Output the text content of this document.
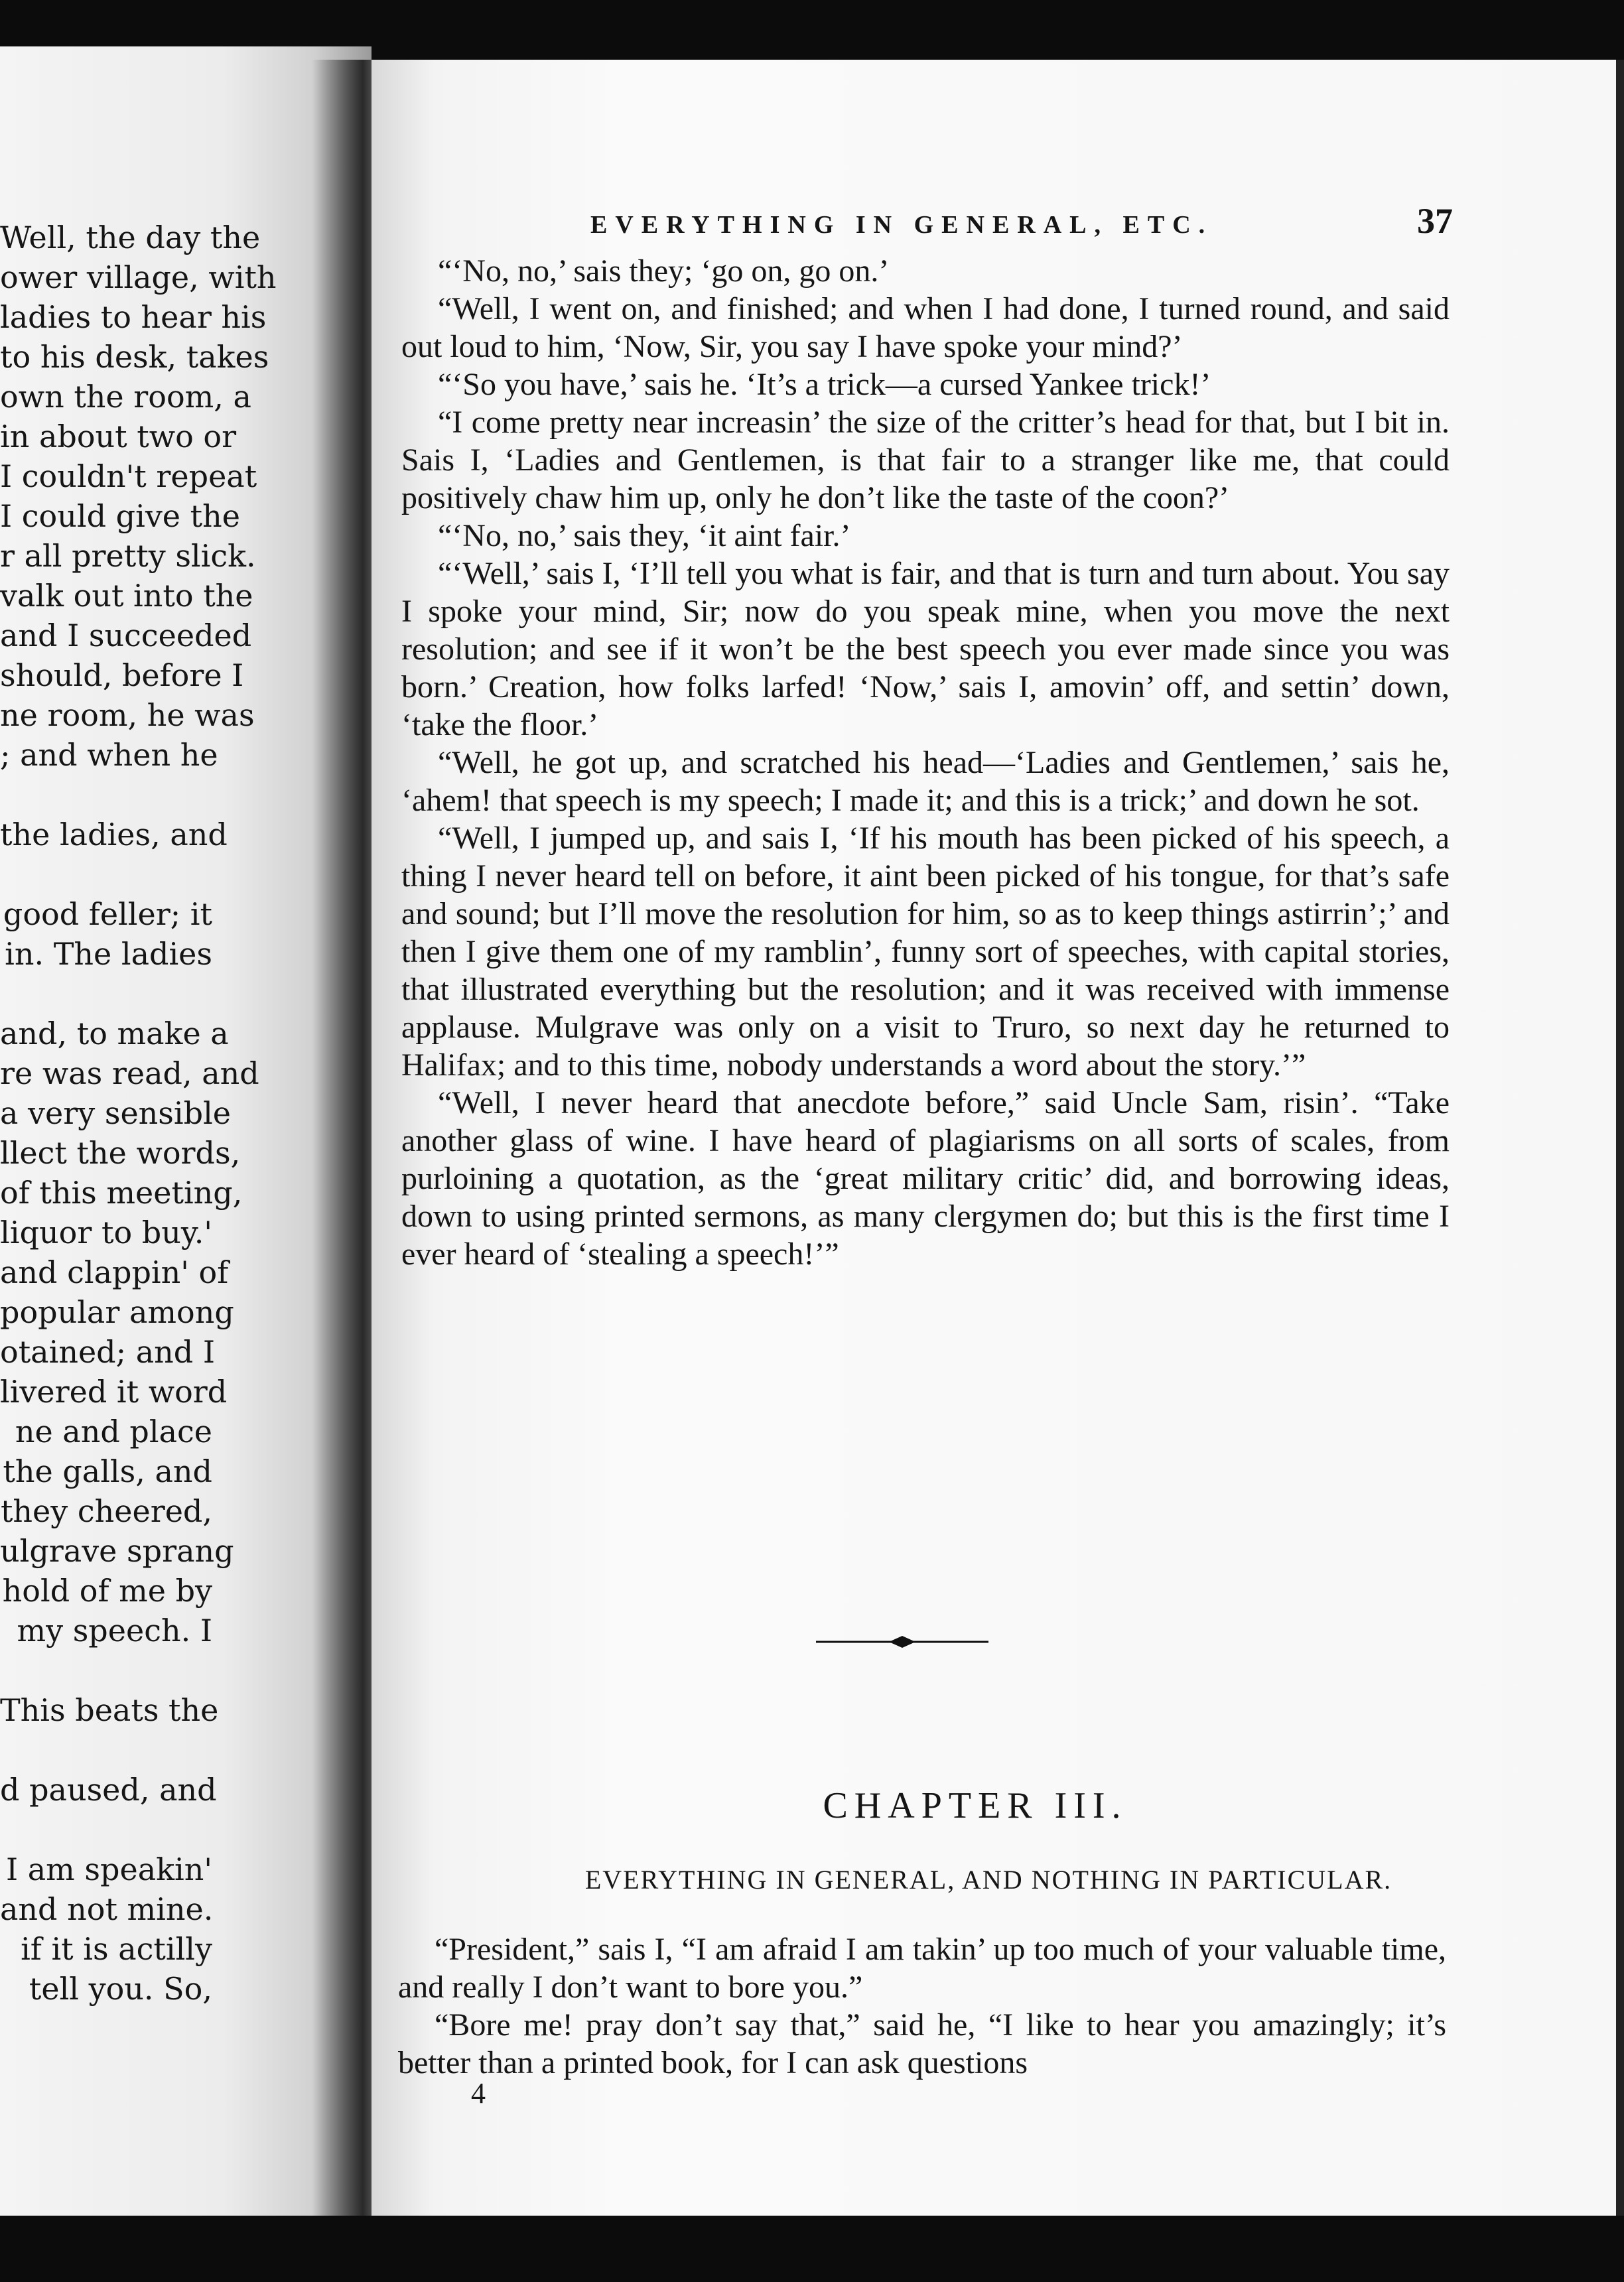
Well, the day the
ower village, with
ladies to hear his
to his desk, takes
own the room, a
in about two or
I couldn't repeat
I could give the
r all pretty slick.
valk out into the
and I succeeded
should, before I
ne room, he was
; and when he
the ladies, and
good feller; it
in. The ladies
and, to make a
re was read, and
a very sensible
llect the words,
of this meeting,
liquor to buy.'
and clappin' of
popular among
otained; and I
livered it word
ne and place
the galls, and
they cheered,
ulgrave sprang
hold of me by
my speech. I
This beats the
d paused, and
I am speakin'
and not mine.
if it is actilly
tell you. So,
EVERYTHING IN GENERAL, ETC.	37

“‘No, no,’ sais they; ‘go on, go on.’

“Well, I went on, and finished; and when I had done, I turned round, and said out loud to him, ‘Now, Sir, you say I have spoke your mind?’

“‘So you have,’ sais he. ‘It’s a trick—a cursed Yankee trick!’

“I come pretty near increasin’ the size of the critter’s head for that, but I bit in. Sais I, ‘Ladies and Gentlemen, is that fair to a stranger like me, that could positively chaw him up, only he don’t like the taste of the coon?’

“‘No, no,’ sais they, ‘it aint fair.’

“‘Well,’ sais I, ‘I’ll tell you what is fair, and that is turn and turn about. You say I spoke your mind, Sir; now do you speak mine, when you move the next resolution; and see if it won’t be the best speech you ever made since you was born.’ Creation, how folks larfed! ‘Now,’ sais I, amovin’ off, and settin’ down, ‘take the floor.’

“Well, he got up, and scratched his head—‘Ladies and Gentlemen,’ sais he, ‘ahem! that speech is my speech; I made it; and this is a trick;’ and down he sot.

“Well, I jumped up, and sais I, ‘If his mouth has been picked of his speech, a thing I never heard tell on before, it aint been picked of his tongue, for that’s safe and sound; but I’ll move the resolution for him, so as to keep things astirrin’;’ and then I give them one of my ramblin’, funny sort of speeches, with capital stories, that illustrated everything but the resolution; and it was received with immense applause. Mulgrave was only on a visit to Truro, so next day he returned to Halifax; and to this time, nobody understands a word about the story.’”

“Well, I never heard that anecdote before,” said Uncle Sam, risin’. “Take another glass of wine. I have heard of plagiarisms on all sorts of scales, from purloining a quotation, as the ‘great military critic’ did, and borrowing ideas, down to using printed sermons, as many clergymen do; but this is the first time I ever heard of ‘stealing a speech!’”

CHAPTER III.
EVERYTHING IN GENERAL, AND NOTHING IN PARTICULAR.

“President,” sais I, “I am afraid I am takin’ up too much of your valuable time, and really I don’t want to bore you.”

“Bore me! pray don’t say that,” said he, “I like to hear you amazingly; it’s better than a printed book, for I can ask questions

4
